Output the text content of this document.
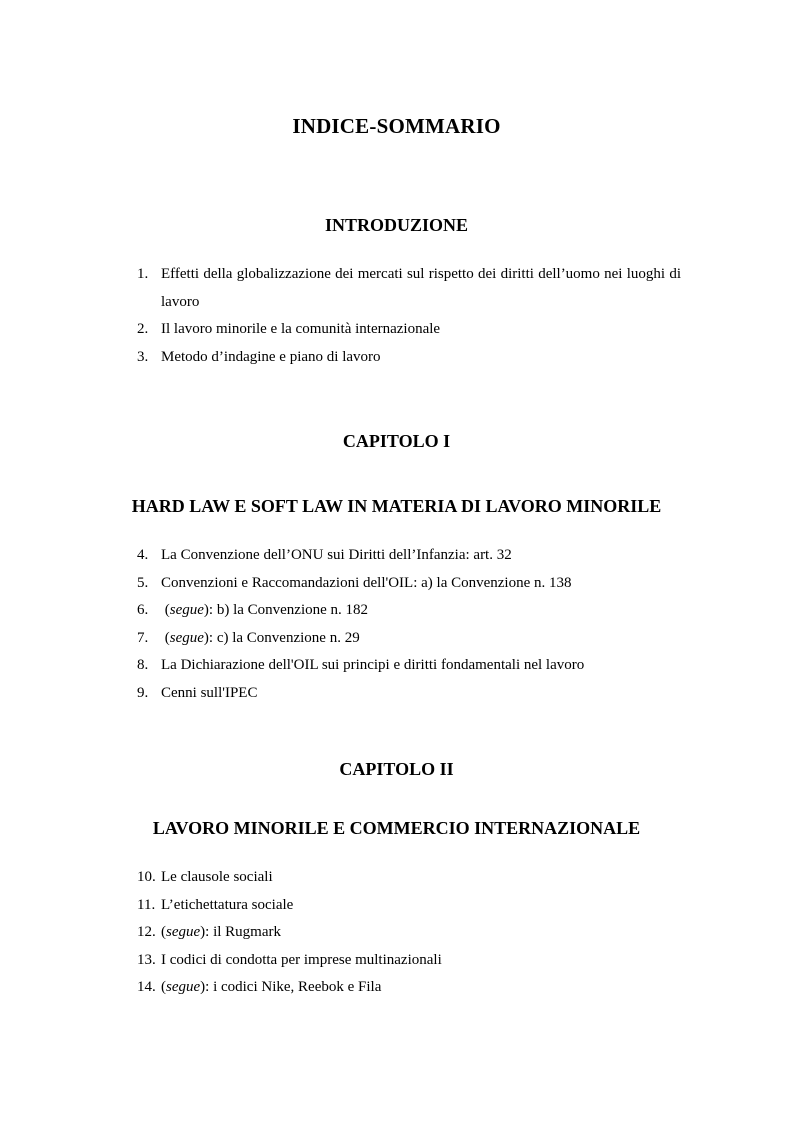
INDICE-SOMMARIO
INTRODUZIONE
1. Effetti della globalizzazione dei mercati sul rispetto dei diritti dell’uomo nei luoghi di lavoro
2. Il lavoro minorile e la comunità internazionale
3. Metodo d’indagine e piano di lavoro
CAPITOLO I
HARD LAW E SOFT LAW IN MATERIA DI LAVORO MINORILE
4. La Convenzione dell’ONU sui Diritti dell’Infanzia: art. 32
5. Convenzioni e Raccomandazioni dell'OIL: a) la Convenzione n. 138
6. (segue): b) la Convenzione n. 182
7. (segue): c) la Convenzione n. 29
8. La Dichiarazione dell'OIL sui principi e diritti fondamentali nel lavoro
9. Cenni sull'IPEC
CAPITOLO II
LAVORO MINORILE E COMMERCIO INTERNAZIONALE
10. Le clausole sociali
11. L’etichettatura sociale
12. (segue): il Rugmark
13. I codici di condotta per imprese multinazionali
14. (segue): i codici Nike, Reebok e Fila
